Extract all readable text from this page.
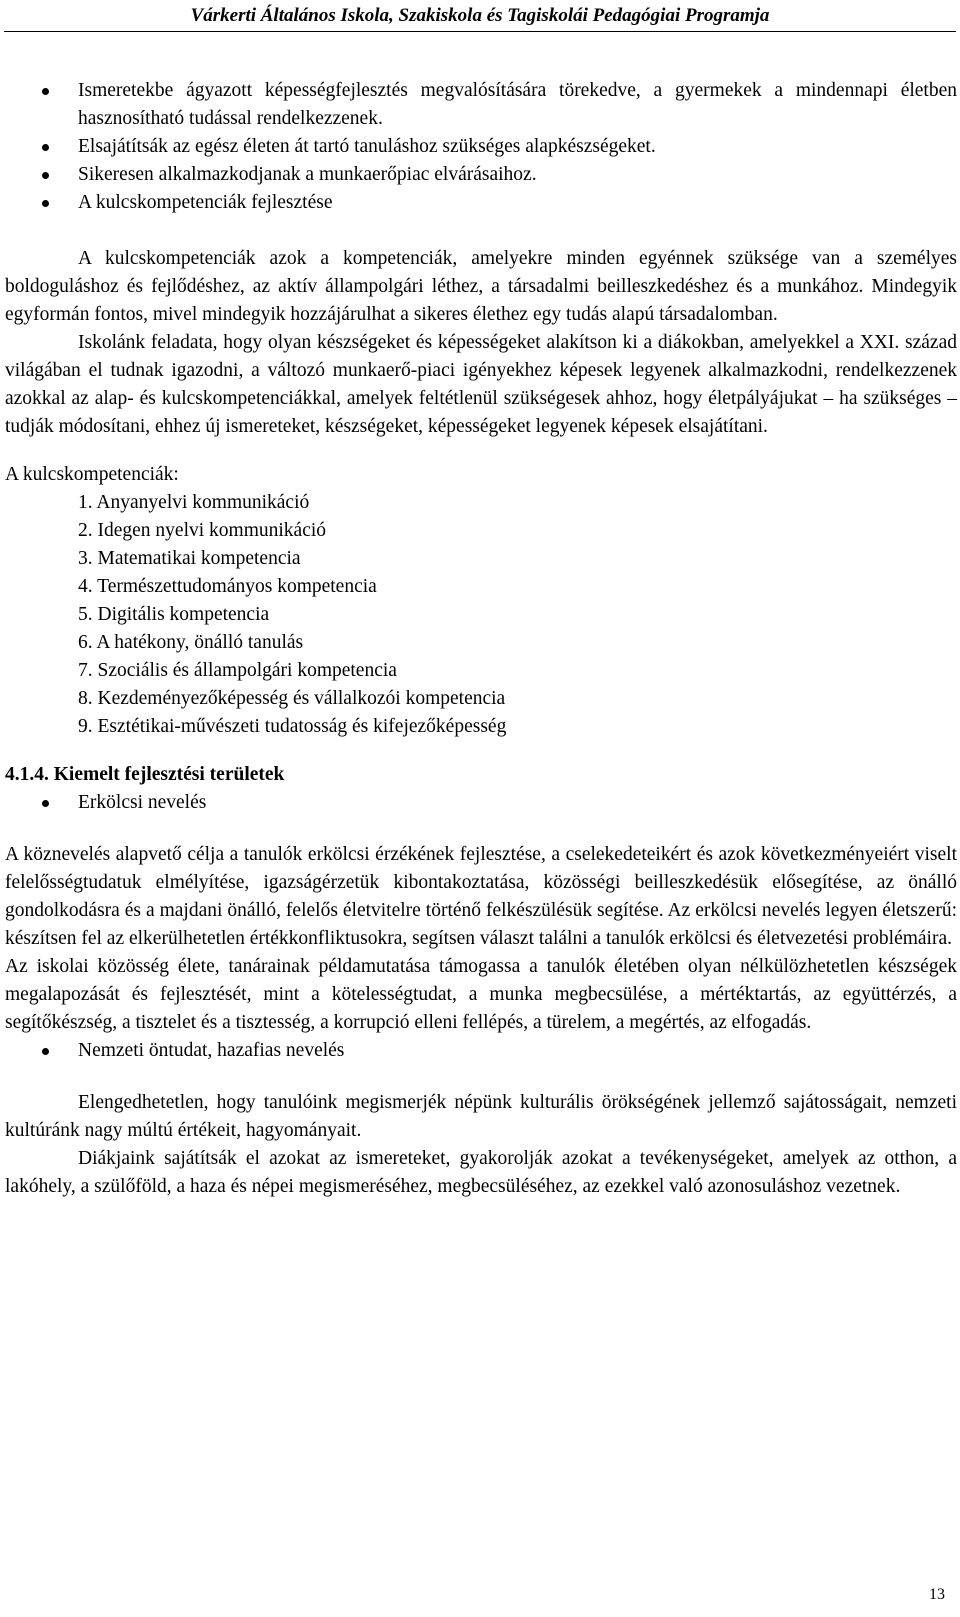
Várkerti Általános Iskola, Szakiskola és Tagiskolái Pedagógiai Programja
Ismeretekbe ágyazott képességfejlesztés megvalósítására törekedve, a gyermekek a mindennapi életben hasznosítható tudással rendelkezzenek.
Elsajátítsák az egész életen át tartó tanuláshoz szükséges alapkészségeket.
Sikeresen alkalmazkodjanak a munkaerőpiac elvárásaihoz.
A kulcskompetenciák fejlesztése

A kulcskompetenciák azok a kompetenciák, amelyekre minden egyénnek szüksége van a személyes boldoguláshoz és fejlődéshez, az aktív állampolgári léthez, a társadalmi beilleszkedéshez és a munkához. Mindegyik egyformán fontos, mivel mindegyik hozzájárulhat a sikeres élethez egy tudás alapú társadalomban.

Iskolánk feladata, hogy olyan készségeket és képességeket alakítson ki a diákokban, amelyekkel a XXI. század világában el tudnak igazodni, a változó munkaerő-piaci igényekhez képesek legyenek alkalmazkodni, rendelkezzenek azokkal az alap- és kulcskompetenciákkal, amelyek feltétlenül szükségesek ahhoz, hogy életpályájukat – ha szükséges – tudják módosítani, ehhez új ismereteket, készségeket, képességeket legyenek képesek elsajátítani.

A kulcskompetenciák:

1. Anyanyelvi kommunikáció
2. Idegen nyelvi kommunikáció
3. Matematikai kompetencia
4. Természettudományos kompetencia
5. Digitális kompetencia
6. A hatékony, önálló tanulás
7. Szociális és állampolgári kompetencia
8. Kezdeményezőképesség és vállalkozói kompetencia
9. Esztétikai-művészeti tudatosság és kifejezőképesség

4.1.4. Kiemelt fejlesztési területek

Erkölcsi nevelés

A köznevelés alapvető célja a tanulók erkölcsi érzékének fejlesztése, a cselekedeteikért és azok következményeiért viselt felelősségtudatuk elmélyítése, igazságérzetük kibontakoztatása, közösségi beilleszkedésük elősegítése, az önálló gondolkodásra és a majdani önálló, felelős életvitelre történő felkészülésük segítése. Az erkölcsi nevelés legyen életszerű: készítsen fel az elkerülhetetlen értékkonfliktusokra, segítsen választ találni a tanulók erkölcsi és életvezetési problémáira.

Az iskolai közösség élete, tanárainak példamutatása támogassa a tanulók életében olyan nélkülözhetetlen készségek megalapozását és fejlesztését, mint a kötelességtudat, a munka megbecsülése, a mértéktartás, az együttérzés, a segítőkészség, a tisztelet és a tisztesség, a korrupció elleni fellépés, a türelem, a megértés, az elfogadás.

Nemzeti öntudat, hazafias nevelés

Elengedhetetlen, hogy tanulóink megismerjék népünk kulturális örökségének jellemző sajátosságait, nemzeti kultúránk nagy múltú értékeit, hagyományait.

Diákjaink sajátítsák el azokat az ismereteket, gyakorolják azokat a tevékenységeket, amelyek az otthon, a lakóhely, a szülőföld, a haza és népei megismeréséhez, megbecsüléséhez, az ezekkel való azonosuláshoz vezetnek.

13
